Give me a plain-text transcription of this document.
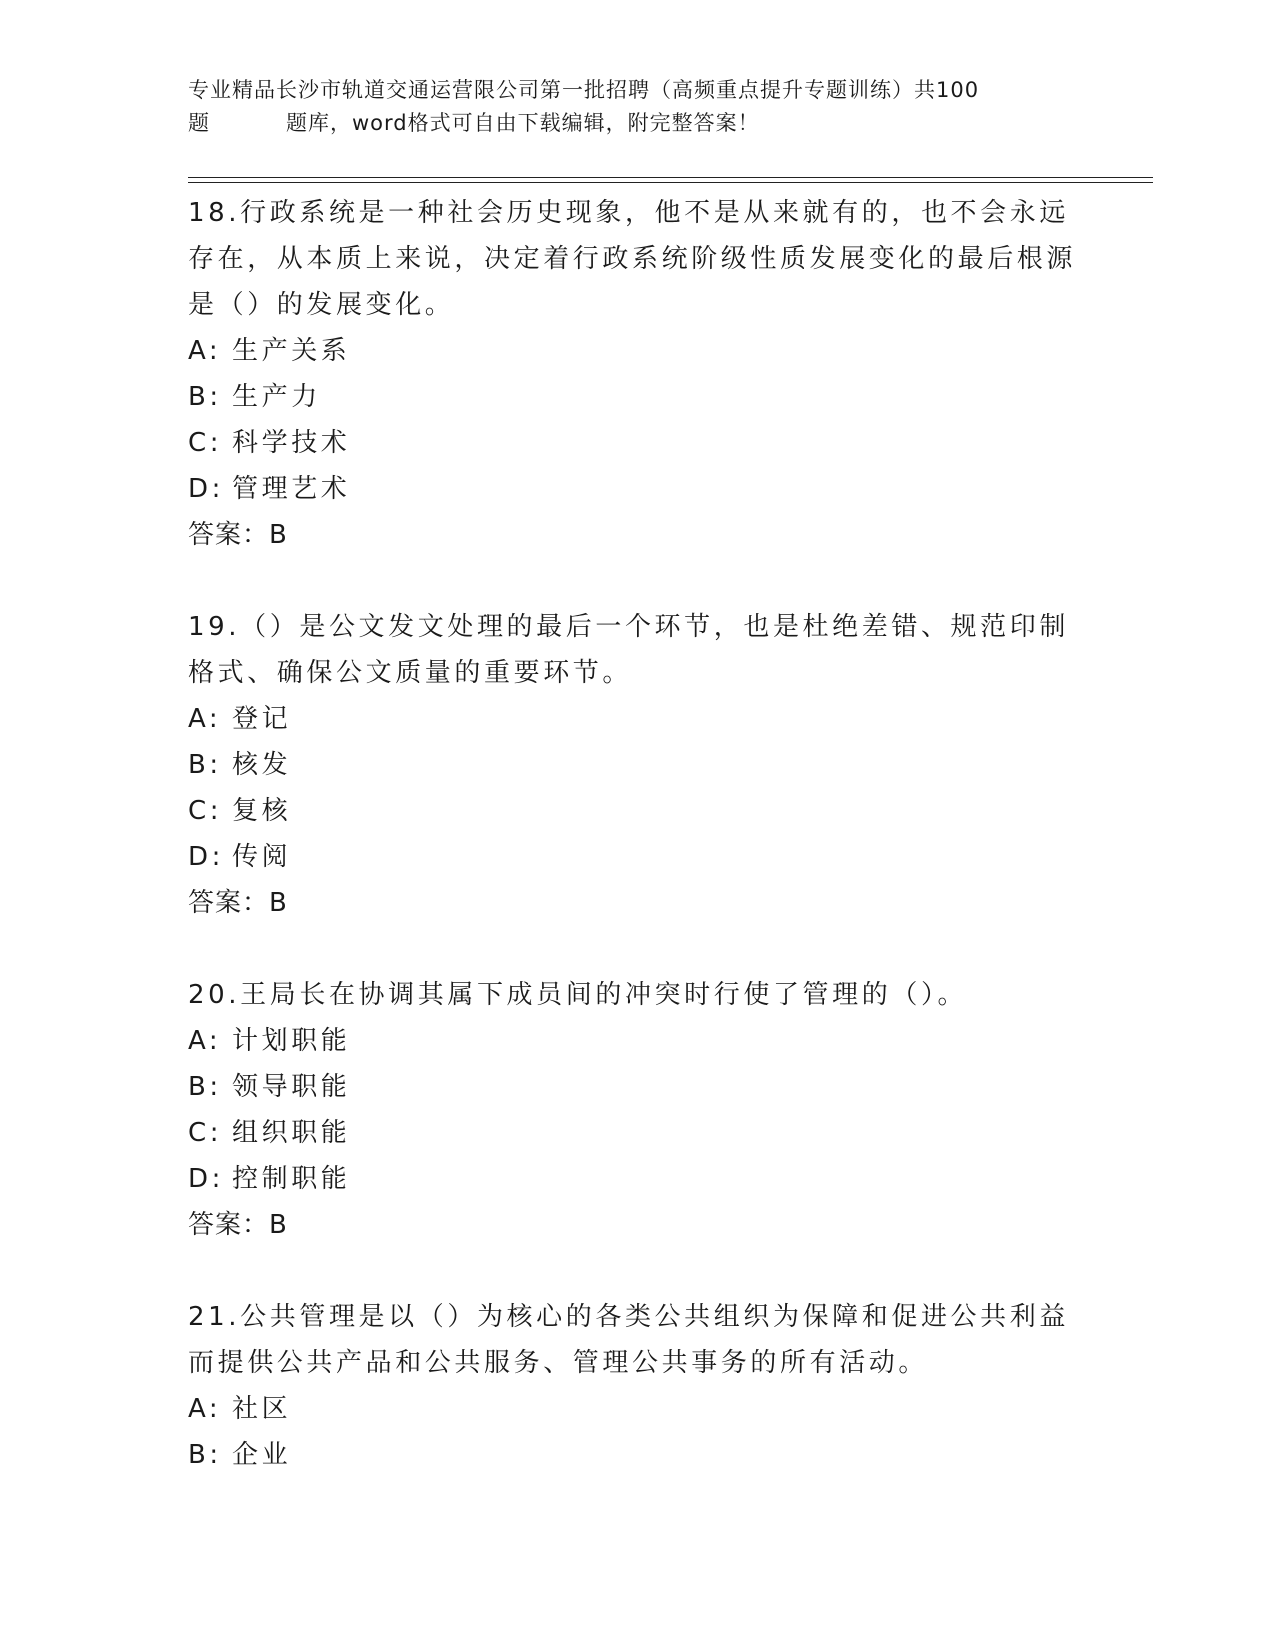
专业精品长沙市轨道交通运营限公司第一批招聘（高频重点提升专题训练）共100
题	题库，word格式可自由下载编辑，附完整答案！

18.行政系统是一种社会历史现象，他不是从来就有的，也不会永远存在，从本质上来说，决定着行政系统阶级性质发展变化的最后根源是（）的发展变化。

A: 生产关系

B: 生产力

C: 科学技术

D: 管理艺术

答案：B

19.（）是公文发文处理的最后一个环节，也是杜绝差错、规范印制格式、确保公文质量的重要环节。

A: 登记

B: 核发

C: 复核

D: 传阅

答案：B

20.王局长在协调其属下成员间的冲突时行使了管理的（）。

A: 计划职能

B: 领导职能

C: 组织职能

D: 控制职能

答案：B

21.公共管理是以（）为核心的各类公共组织为保障和促进公共利益而提供公共产品和公共服务、管理公共事务的所有活动。

A: 社区

B: 企业
